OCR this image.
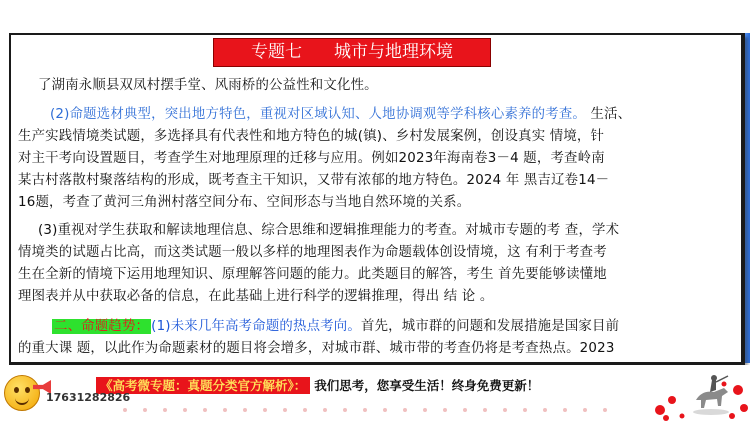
专题七 城市与地理环境
了湖南永顺县双凤村摆手堂、风雨桥的公益性和文化性。
(2)命题选材典型，突出地方特色，重视对区域认知、人地协调观等学科核心素养的考查。 生活、
生产实践情境类试题，多选择具有代表性和地方特色的城(镇)、乡村发展案例，创设真实 情境，针
对主干考向设置题目，考查学生对地理原理的迁移与应用。例如2023年海南卷3－4 题，考查岭南
某古村落散村聚落结构的形成，既考查主干知识，又带有浓郁的地方特色。2024 年 黑吉辽卷14－
16题，考查了黄河三角洲村落空间分布、空间形态与当地自然环境的关系。
(3)重视对学生获取和解读地理信息、综合思维和逻辑推理能力的考查。对城市专题的考 查，学术
情境类的试题占比高，而这类试题一般以多样的地理图表作为命题载体创设情境，这 有利于考查考
生在全新的情境下运用地理知识、原理解答问题的能力。此类题目的解答，考生 首先要能够读懂地
理图表并从中获取必备的信息，在此基础上进行科学的逻辑推理，得出 结 论 。
二、命题趋势： (1)未来几年高考命题的热点考向。首先，城市群的问题和发展措施是国家目前
的重大课 题，以此作为命题素材的题目将会增多，对城市群、城市带的考查仍将是考查热点。2023
《高考微专题：真题分类官方解析》： 我们思考，您享受生活！终身免费更新！
17631282826
